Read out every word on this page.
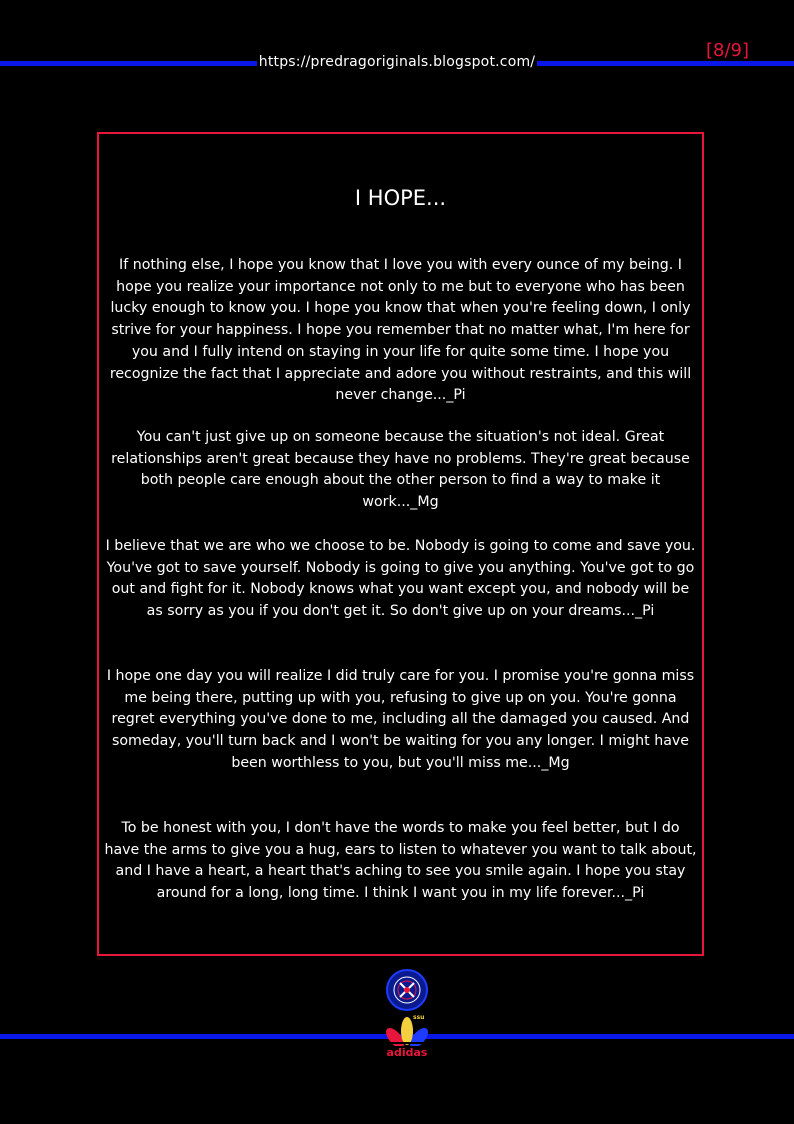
https://predragoriginals.blogspot.com/
[8/9]
I HOPE...
If nothing else, I hope you know that I love you with every ounce of my being. I hope you realize your importance not only to me but to everyone who has been lucky enough to know you. I hope you know that when you're feeling down, I only strive for your happiness. I hope you remember that no matter what, I'm here for you and I fully intend on staying in your life for quite some time. I hope you recognize the fact that I appreciate and adore you without restraints, and this will never change..._Pi
You can't just give up on someone because the situation's not ideal. Great relationships aren't great because they have no problems. They're great because both people care enough about the other person to find a way to make it work..._Mg
I believe that we are who we choose to be. Nobody is going to come and save you. You've got to save yourself. Nobody is going to give you anything. You've got to go out and fight for it. Nobody knows what you want except you, and nobody will be as sorry as you if you don't get it. So don't give up on your dreams..._Pi
I hope one day you will realize I did truly care for you. I promise you're gonna miss me being there, putting up with you, refusing to give up on you. You're gonna regret everything you've done to me, including all the damaged you caused. And someday, you'll turn back and I won't be waiting for you any longer. I might have been worthless to you, but you'll miss me..._Mg
To be honest with you, I don't have the words to make you feel better, but I do have the arms to give you a hug, ears to listen to whatever you want to talk about, and I have a heart, a heart that's aching to see you smile again. I hope you stay around for a long, long time. I think I want you in my life forever..._Pi
ssu
adidas
